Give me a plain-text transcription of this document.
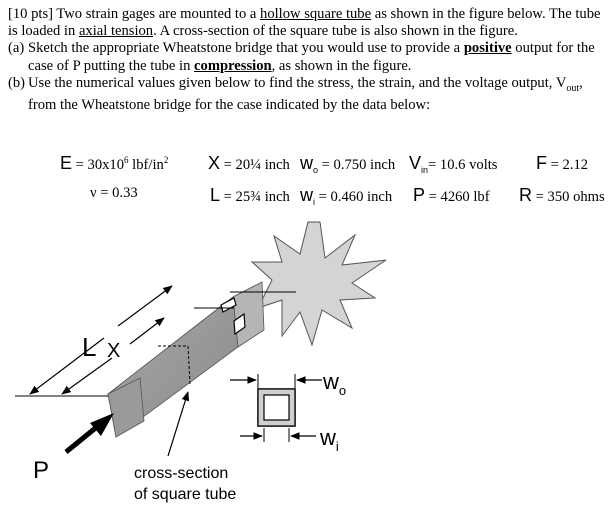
[10 pts] Two strain gages are mounted to a hollow square tube as shown in the figure below. The tube is loaded in axial tension. A cross-section of the square tube is also shown in the figure.

(a) Sketch the appropriate Wheatstone bridge that you would use to provide a positive output for the case of P putting the tube in compression, as shown in the figure.

(b) Use the numerical values given below to find the stress, the strain, and the voltage output, $V_{out}$, from the Wheatstone bridge for the case indicated by the data below:

$E = 30x10^6$ lbf/$in^2$
ν = 0.33
X = 20¼ inch
L = 25¾ inch
$w_o = 0.750$ inch
$w_i = 0.460$ inch
$V_{in}= 10.6$ volts
P = 4260 lbf
F = 2.12
R = 350 ohms
L X
P	cross-section
of square tube
$w_o$
$w_i$
